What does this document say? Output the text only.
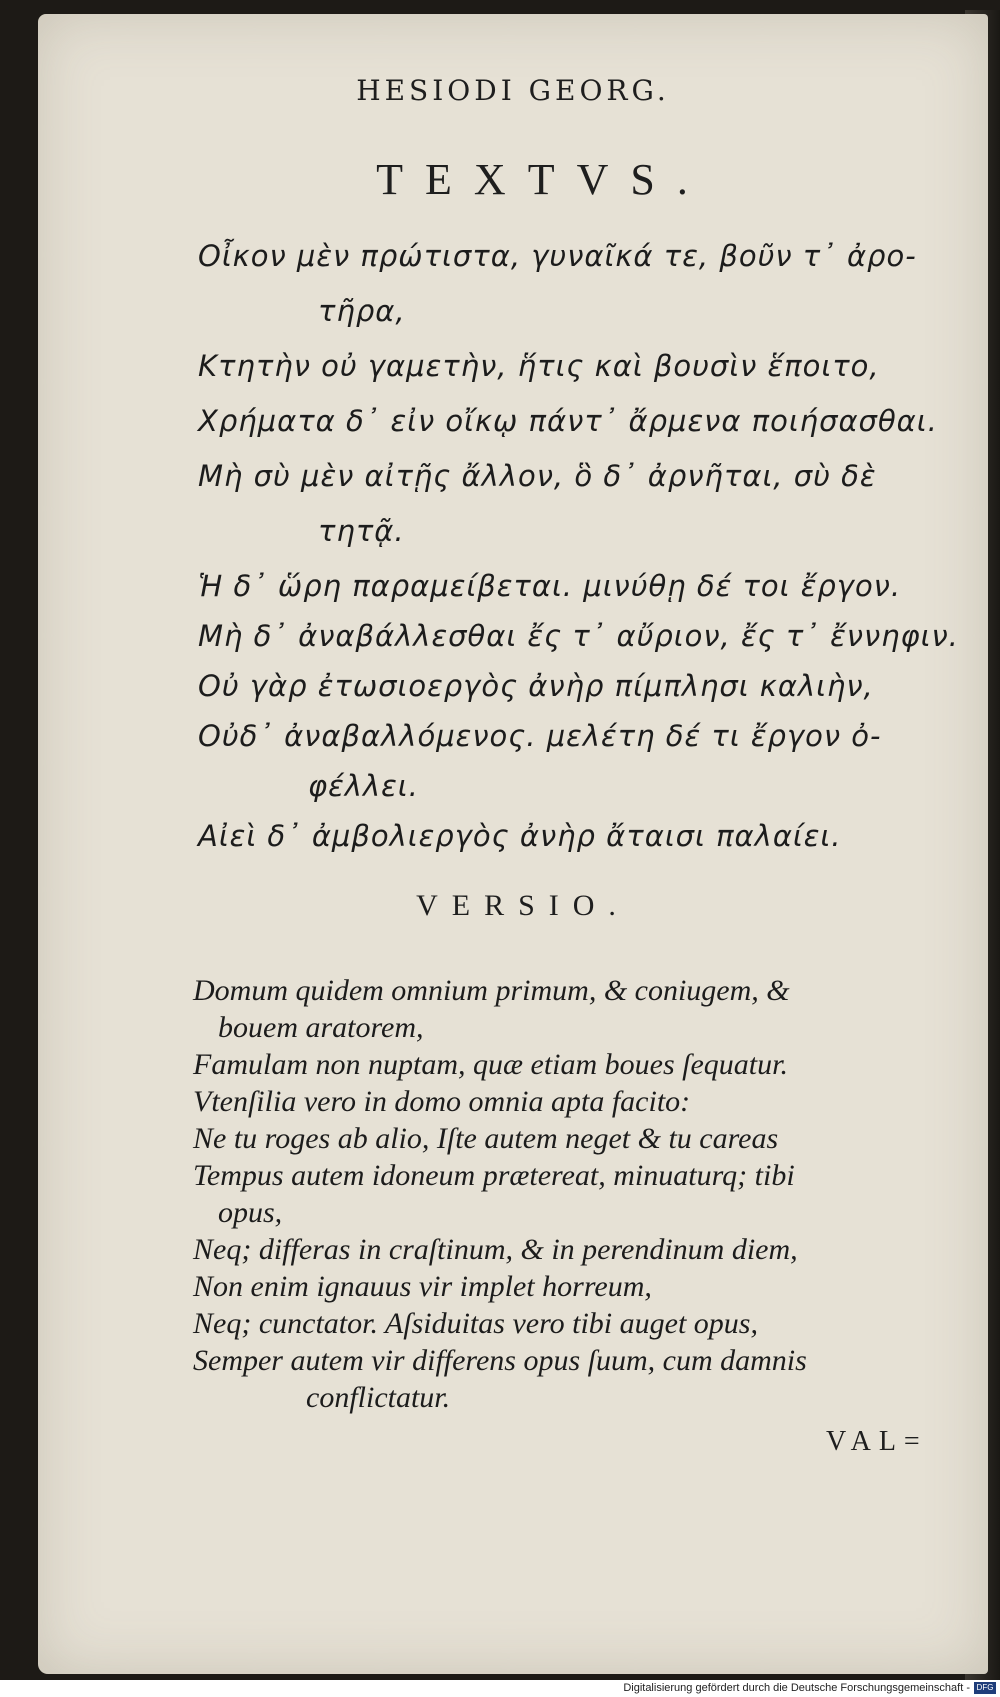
HESIODI GEORG.
TEXTVS.
Οἶκον μὲν πρώτιστα, γυναῖκά τε, βοῦν τ᾽ ἀρο-
τῆρα,
Κτητὴν οὐ γαμετὴν, ἥτις καὶ βουσὶν ἕποιτο,
Χρήματα δ᾽ εἰν οἴκῳ πάντ᾽ ἄρμενα ποιήσασθαι.
Μὴ σὺ μὲν αἰτῇς ἄλλον, ὃ δ᾽ ἀρνῆται, σὺ δὲ
τητᾷ.
Ἡ δ᾽ ὥρη παραμείβεται. μινύθῃ δέ τοι ἔργον.
Μὴ δ᾽ ἀναβάλλεσθαι ἔς τ᾽ αὔριον, ἔς τ᾽ ἔννηφιν.
Οὐ γὰρ ἐτωσιοεργὸς ἀνὴρ πίμπλησι καλιὴν,
Οὐδ᾽ ἀναβαλλόμενος. μελέτη δέ τι ἔργον ὀ-
φέλλει.
Αἰεὶ δ᾽ ἀμβολιεργὸς ἀνὴρ ἄταισι παλαίει.
VERSIO.
Domum quidem omnium primum, & coniugem, &
bouem aratorem,
Famulam non nuptam, quæ etiam boues ſequatur.
Vtenſilia vero in domo omnia apta facito:
Ne tu roges ab alio, Iſte autem neget & tu careas
Tempus autem idoneum prætereat, minuaturq; tibi
opus,
Neq; differas in craſtinum, & in perendinum diem,
Non enim ignauus vir implet horreum,
Neq; cunctator. Aſsiduitas vero tibi auget opus,
Semper autem vir differens opus ſuum, cum damnis
conflictatur.
VAL=
Digitalisierung gefördert durch die Deutsche Forschungsgemeinschaft - DFG
